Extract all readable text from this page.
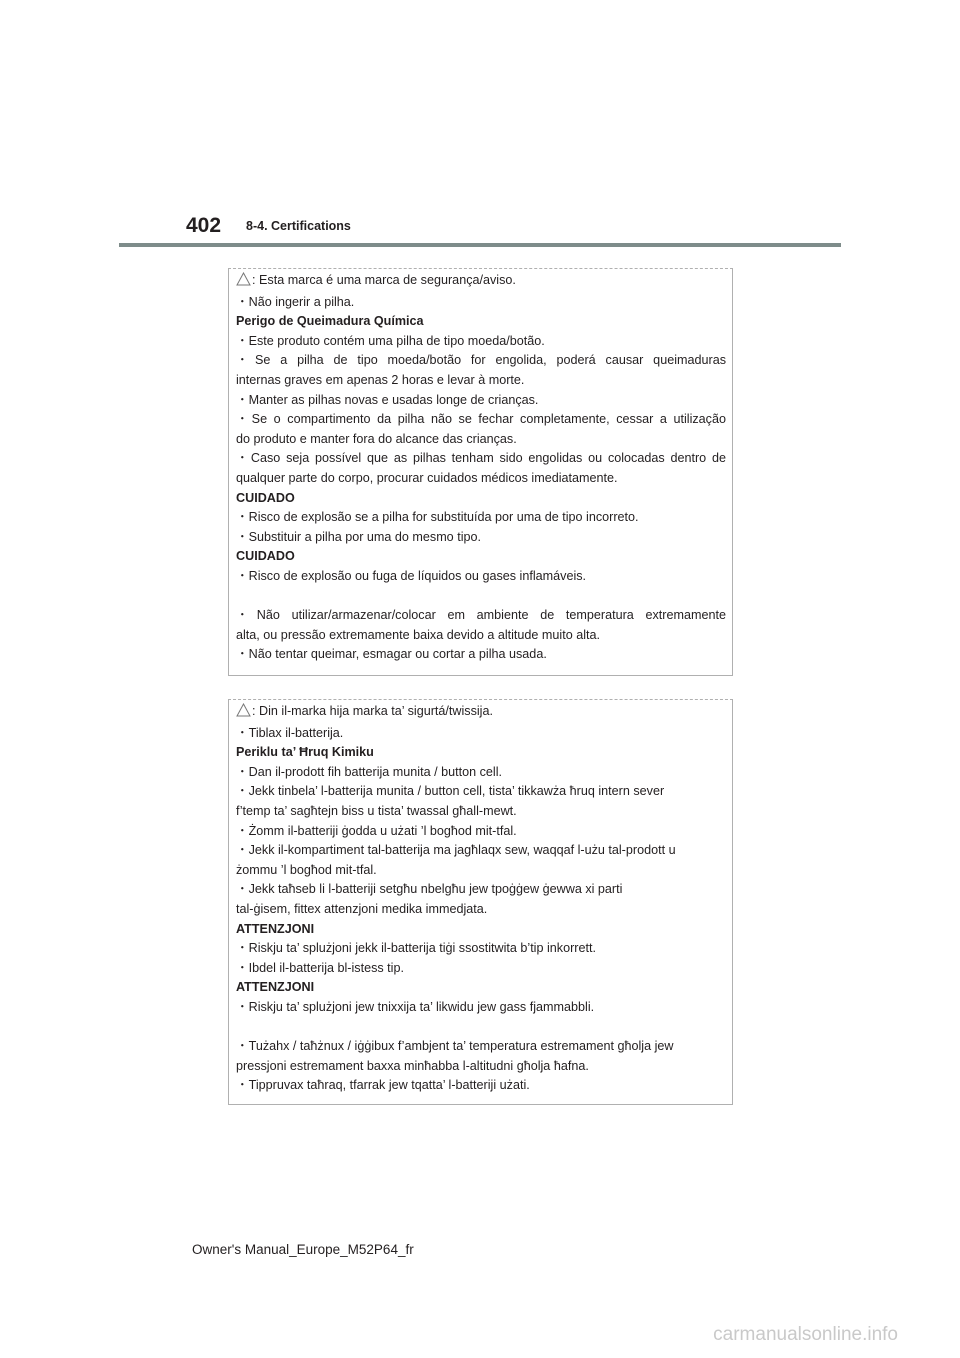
402 8-4. Certifications

: Esta marca é uma marca de segurança/aviso.

・Não ingerir a pilha.

Perigo de Queimadura Química

・Este produto contém uma pilha de tipo moeda/botão.

・Se a pilha de tipo moeda/botão for engolida, poderá causar queimaduras

internas graves em apenas 2 horas e levar à morte.

・Manter as pilhas novas e usadas longe de crianças.

・Se o compartimento da pilha não se fechar completamente, cessar a utilização

do produto e manter fora do alcance das crianças.

・Caso seja possível que as pilhas tenham sido engolidas ou colocadas dentro de

qualquer parte do corpo, procurar cuidados médicos imediatamente.

CUIDADO

・Risco de explosão se a pilha for substituída por uma de tipo incorreto.

・Substituir a pilha por uma do mesmo tipo.

CUIDADO

・Risco de explosão ou fuga de líquidos ou gases inflamáveis.

・Não utilizar/armazenar/colocar em ambiente de temperatura extremamente

alta, ou pressão extremamente baixa devido a altitude muito alta.

・Não tentar queimar, esmagar ou cortar a pilha usada.

: Din il-marka hija marka ta’ sigurtá/twissija.

・Tiblax il-batterija.

Periklu ta’ Ħruq Kimiku

・Dan il-prodott fih batterija munita / button cell.

・Jekk tinbela’ l-batterija munita / button cell, tista’ tikkawża ħruq intern sever

f’temp ta’ sagħtejn biss u tista’ twassal għall-mewt.

・Żomm il-batteriji ġodda u użati ’l bogħod mit-tfal.

・Jekk il-kompartiment tal-batterija ma jagħlaqx sew, waqqaf l-użu tal-prodott u

żommu ’l bogħod mit-tfal.

・Jekk taħseb li l-batteriji setgħu nbelgħu jew tpoġġew ġewwa xi parti

tal-ġisem, fittex attenzjoni medika immedjata.

ATTENZJONI

・Riskju ta’ splużjoni jekk il-batterija tiġi ssostitwita b’tip inkorrett.

・Ibdel il-batterija bl-istess tip.

ATTENZJONI

・Riskju ta’ splużjoni jew tnixxija ta’ likwidu jew gass fjammabbli.

・Tużahx / taħżnux / iġġibux f’ambjent ta’ temperatura estremament għolja jew

pressjoni estremament baxxa minħabba l-altitudni għolja ħafna.

・Tippruvax taħraq, tfarrak jew tqatta’ l-batteriji użati.

Owner's Manual_Europe_M52P64_fr
carmanualsonline.info
